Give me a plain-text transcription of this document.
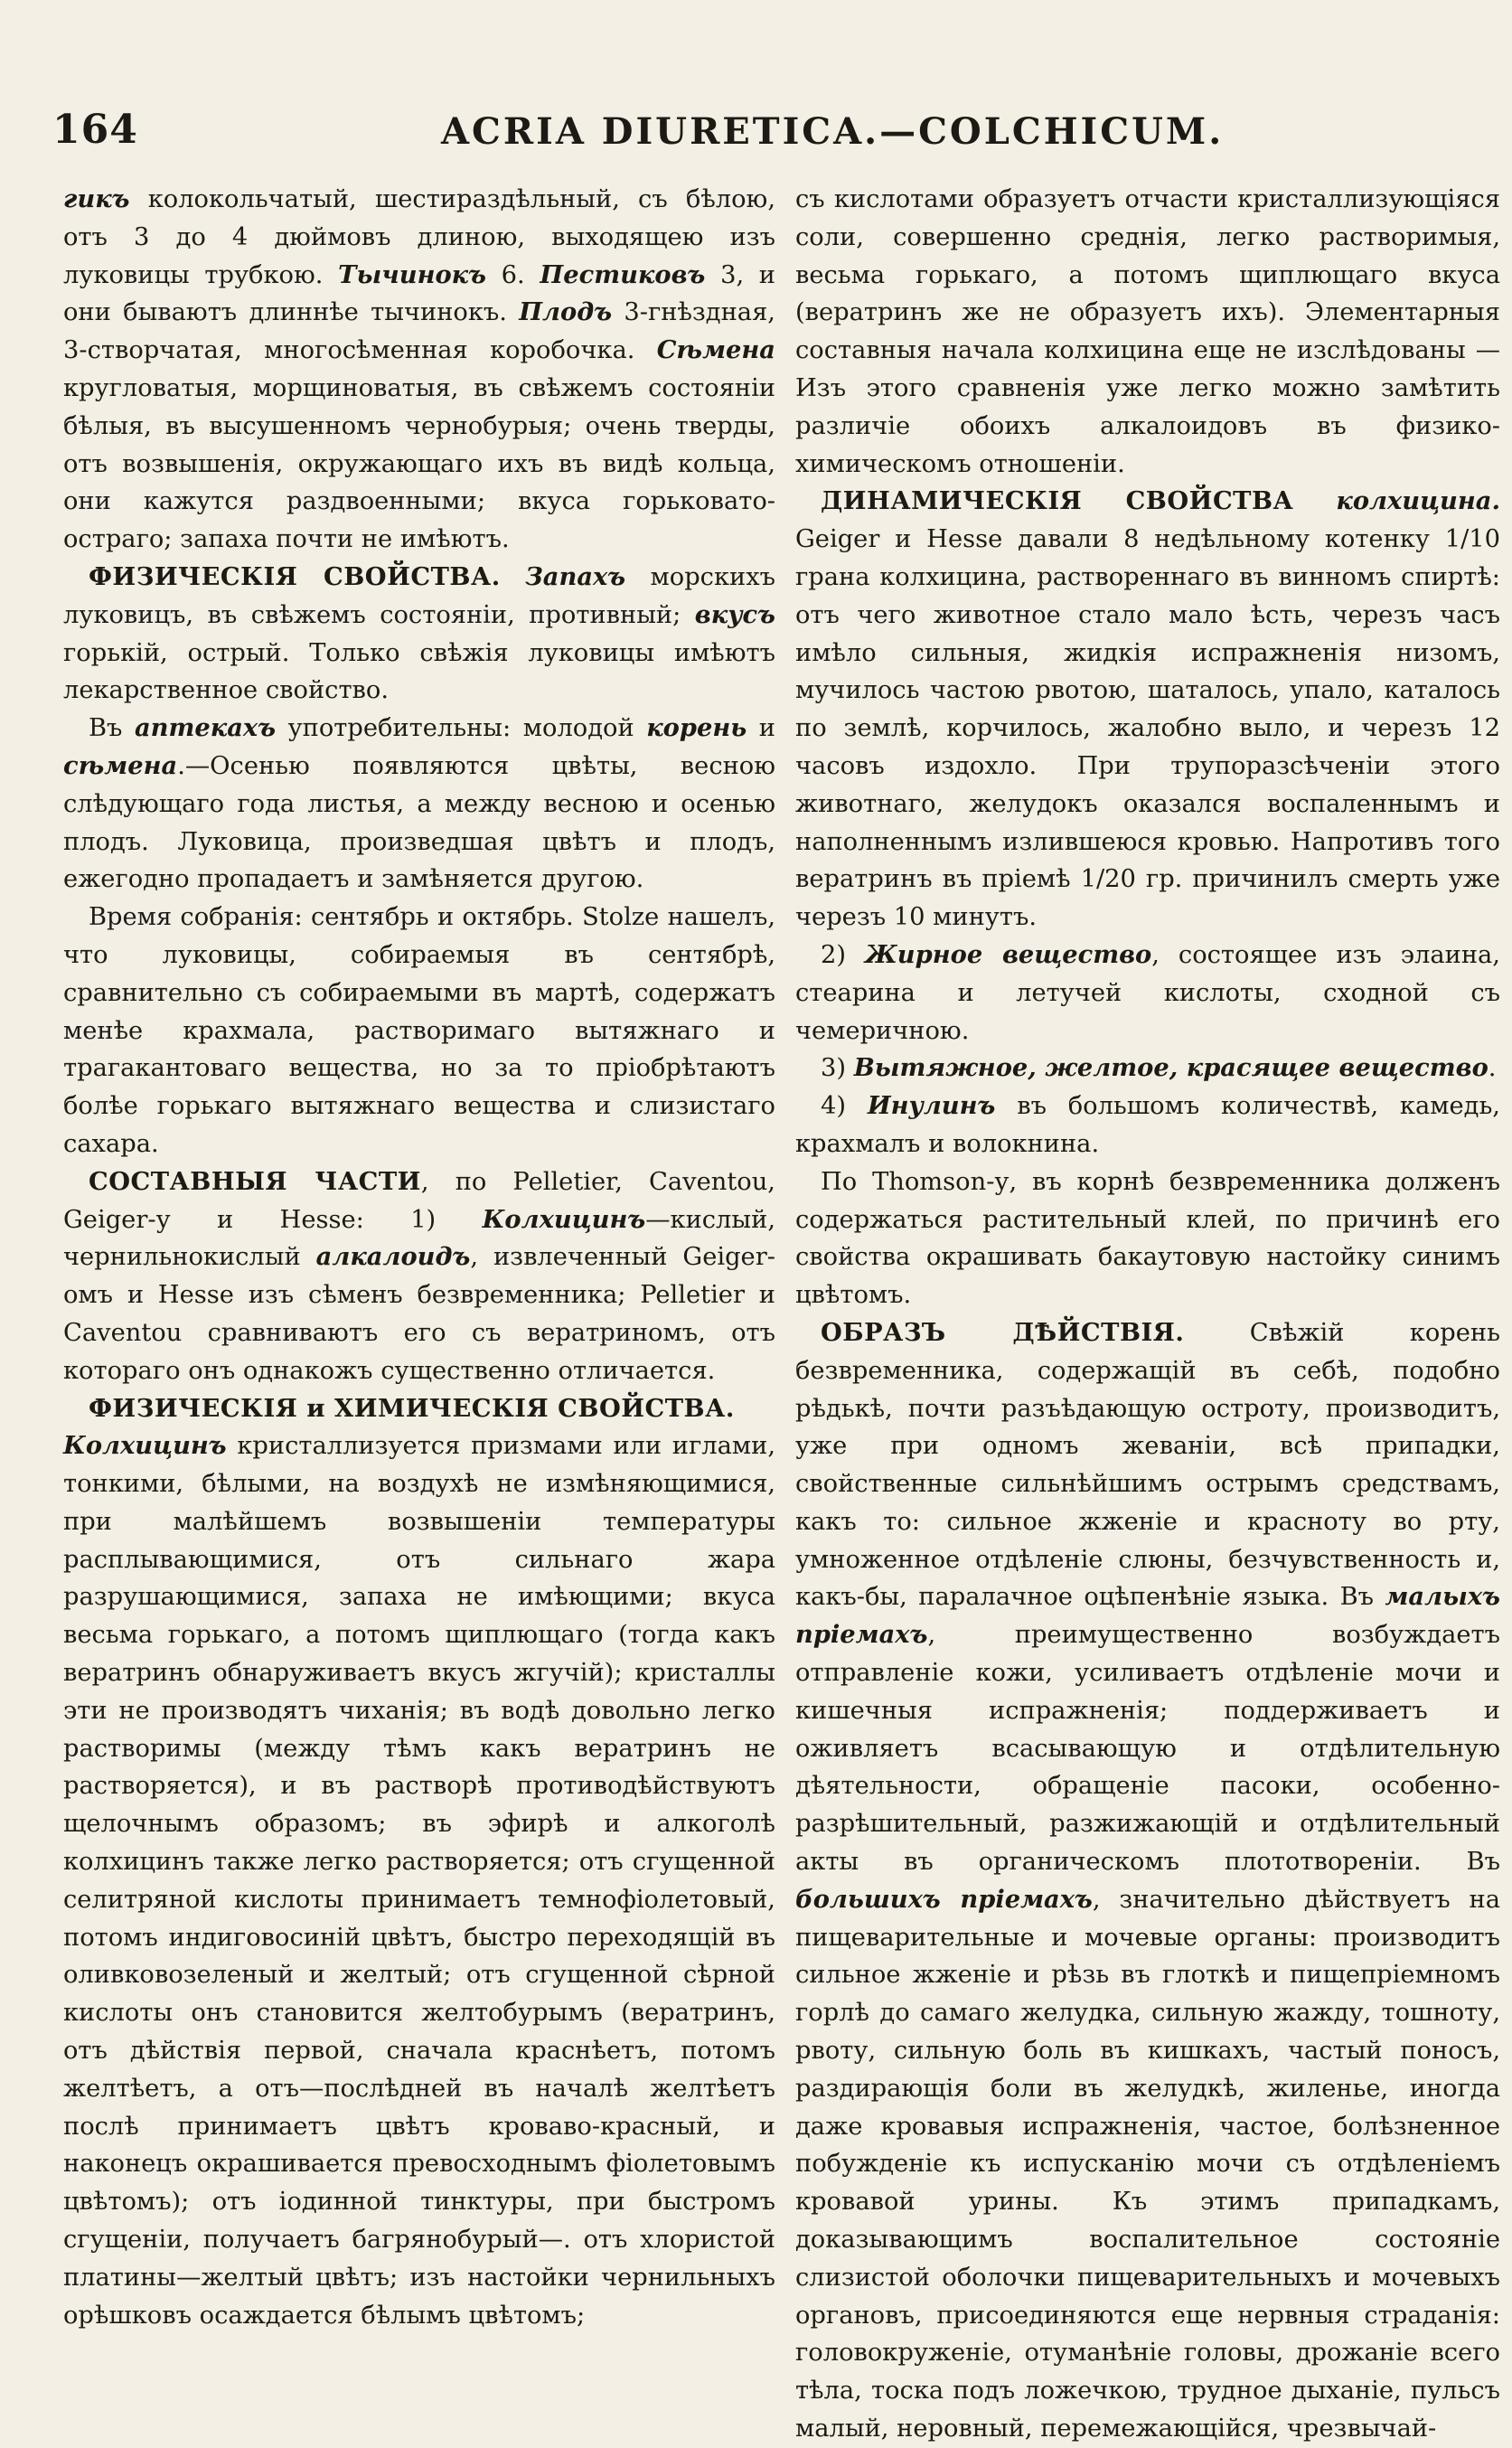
164	ACRIA DIURETICA.—COLCHICUM.

гикъ колокольчатый, шестираздѣльный, съ бѣлою, отъ 3 до 4 дюймовъ длиною, выходящею изъ луковицы трубкою. Тычинокъ 6. Пестиковъ 3, и они бываютъ длиннѣе тычинокъ. Плодъ 3-гнѣздная, 3-створчатая, многосѣменная коробочка. Сѣмена кругловатыя, морщиноватыя, въ свѣжемъ состояніи бѣлыя, въ высушенномъ чернобурыя; очень тверды, отъ возвышенія, окружающаго ихъ въ видѣ кольца, они кажутся раздвоенными; вкуса горьковато-остраго; запаха почти не имѣютъ.

ФИЗИЧЕСКІЯ СВОЙСТВА. Запахъ морскихъ луковицъ, въ свѣжемъ состояніи, противный; вкусъ горькій, острый. Только свѣжія луковицы имѣютъ лекарственное свойство.

Въ аптекахъ употребительны: молодой корень и сѣмена.—Осенью появляются цвѣты, весною слѣдующаго года листья, а между весною и осенью плодъ. Луковица, произведшая цвѣтъ и плодъ, ежегодно пропадаетъ и замѣняется другою.

Время собранія: сентябрь и октябрь. Stolze нашелъ, что луковицы, собираемыя въ сентябрѣ, сравнительно съ собираемыми въ мартѣ, содержатъ менѣе крахмала, растворимаго вытяжнаго и трагакантоваго вещества, но за то пріобрѣтаютъ болѣе горькаго вытяжнаго вещества и слизистаго сахара.

СОСТАВНЫЯ ЧАСТИ, по Pelletier, Caventou, Geiger-у и Hesse: 1) Колхицинъ—кислый, чернильнокислый алкалоидъ, извлеченный Geiger-омъ и Hesse изъ сѣменъ безвременника; Pelletier и Caventou сравниваютъ его съ вератриномъ, отъ котораго онъ однакожъ существенно отличается.

ФИЗИЧЕСКІЯ и ХИМИЧЕСКІЯ СВОЙСТВА.

Колхицинъ кристаллизуется призмами или иглами, тонкими, бѣлыми, на воздухѣ не измѣняющимися, при малѣйшемъ возвышеніи температуры расплывающимися, отъ сильнаго жара разрушающимися, запаха не имѣющими; вкуса весьма горькаго, а потомъ щиплющаго (тогда какъ вератринъ обнаруживаетъ вкусъ жгучій); кристаллы эти не производятъ чиханія; въ водѣ довольно легко растворимы (между тѣмъ какъ вератринъ не растворяется), и въ растворѣ противодѣйствуютъ щелочнымъ образомъ; въ эфирѣ и алкоголѣ колхицинъ также легко растворяется; отъ сгущенной селитряной кислоты принимаетъ темнофіолетовый, потомъ индиговосиній цвѣтъ, быстро переходящій въ оливковозеленый и желтый; отъ сгущенной сѣрной кислоты онъ становится желтобурымъ (вератринъ, отъ дѣйствія первой, сначала краснѣетъ, потомъ желтѣетъ, а отъ—послѣдней въ началѣ желтѣетъ послѣ принимаетъ цвѣтъ кроваво-красный, и наконецъ окрашивается превосходнымъ фіолетовымъ цвѣтомъ); отъ іодинной тинктуры, при быстромъ сгущеніи, получаетъ багрянобурый—. отъ хлористой платины—желтый цвѣтъ; изъ настойки чернильныхъ орѣшковъ осаждается бѣлымъ цвѣтомъ;

съ кислотами образуетъ отчасти кристаллизующіяся соли, совершенно среднія, легко растворимыя, весьма горькаго, а потомъ щиплющаго вкуса (вератринъ же не образуетъ ихъ). Элементарныя составныя начала колхицина еще не изслѣдованы —Изъ этого сравненія уже легко можно замѣтить различіе обоихъ алкалоидовъ въ физико-химическомъ отношеніи.

ДИНАМИЧЕСКІЯ СВОЙСТВА колхицина. Geiger и Hesse давали 8 недѣльному котенку 1/10 грана колхицина, раствореннаго въ винномъ спиртѣ: отъ чего животное стало мало ѣсть, черезъ часъ имѣло сильныя, жидкія испражненія низомъ, мучилось частою рвотою, шаталось, упало, каталось по землѣ, корчилось, жалобно выло, и черезъ 12 часовъ издохло. При трупоразсѣченіи этого животнаго, желудокъ оказался воспаленнымъ и наполненнымъ излившеюся кровью. Напротивъ того вератринъ въ пріемѣ 1/20 гр. причинилъ смерть уже черезъ 10 минутъ.

2) Жирное вещество, состоящее изъ элаина, стеарина и летучей кислоты, сходной съ чемеричною.

3) Вытяжное, желтое, красящее вещество.

4) Инулинъ въ большомъ количествѣ, камедь, крахмалъ и волокнина.

По Thomson-у, въ корнѣ безвременника долженъ содержаться растительный клей, по причинѣ его свойства окрашивать бакаутовую настойку синимъ цвѣтомъ.

ОБРАЗЪ ДѢЙСТВІЯ. Свѣжій корень безвременника, содержащій въ себѣ, подобно рѣдькѣ, почти разъѣдающую остроту, производитъ, уже при одномъ жеваніи, всѣ припадки, свойственные сильнѣйшимъ острымъ средствамъ, какъ то: сильное жженіе и красноту во рту, умноженное отдѣленіе слюны, безчувственность и, какъ-бы, паралачное оцѣпенѣніе языка. Въ малыхъ пріемахъ, преимущественно возбуждаетъ отправленіе кожи, усиливаетъ отдѣленіе мочи и кишечныя испражненія; поддерживаетъ и оживляетъ всасывающую и отдѣлительную дѣятельности, обращеніе пасоки, особенно-разрѣшительный, разжижающій и отдѣлительный акты въ органическомъ плототвореніи. Въ большихъ пріемахъ, значительно дѣйствуетъ на пищеварительные и мочевые органы: производитъ сильное жженіе и рѣзь въ глоткѣ и пищепріемномъ горлѣ до самаго желудка, сильную жажду, тошноту, рвоту, сильную боль въ кишкахъ, частый поносъ, раздирающія боли въ желудкѣ, жиленье, иногда даже кровавыя испражненія, частое, болѣзненное побужденіе къ испусканію мочи съ отдѣленіемъ кровавой урины. Къ этимъ припадкамъ, доказывающимъ воспалительное состояніе слизистой оболочки пищеварительныхъ и мочевыхъ органовъ, присоединяются еще нервныя страданія: головокруженіе, отуманѣніе головы, дрожаніе всего тѣла, тоска подъ ложечкою, трудное дыханіе, пульсъ малый, неровный, перемежающійся, чрезвычай-
